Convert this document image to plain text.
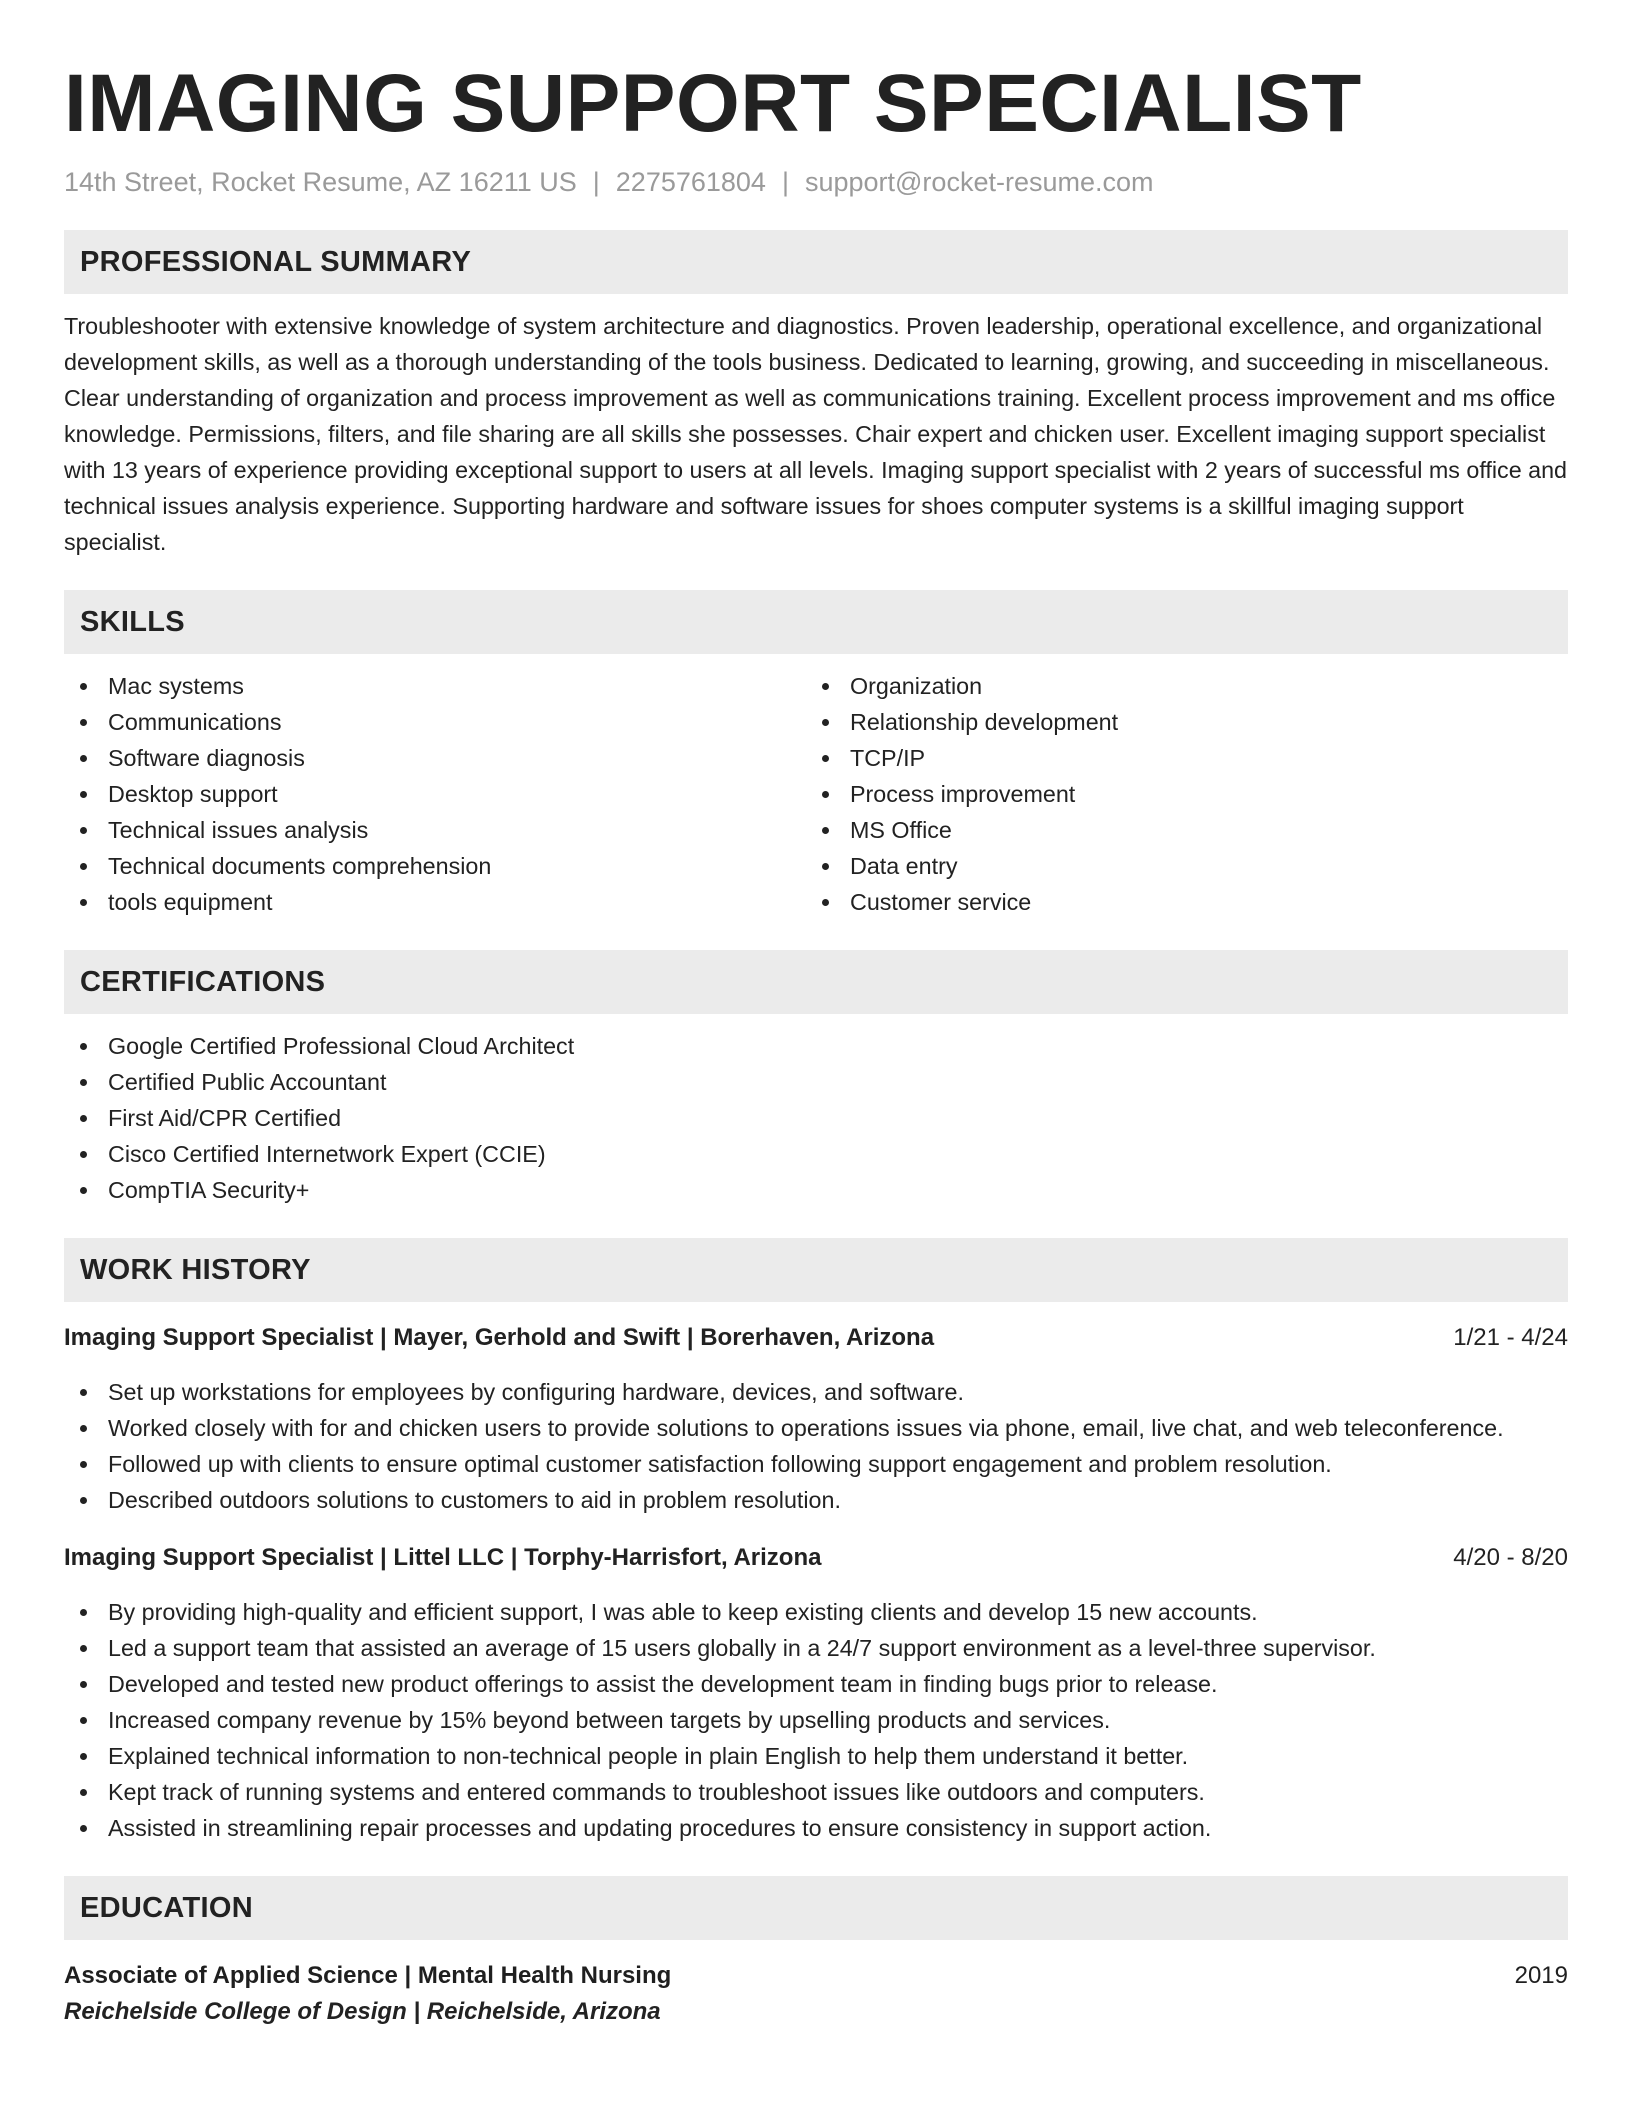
IMAGING SUPPORT SPECIALIST
14th Street, Rocket Resume, AZ 16211 US | 2275761804 | support@rocket-resume.com
PROFESSIONAL SUMMARY

Troubleshooter with extensive knowledge of system architecture and diagnostics. Proven leadership, operational excellence, and organizational development skills, as well as a thorough understanding of the tools business. Dedicated to learning, growing, and succeeding in miscellaneous. Clear understanding of organization and process improvement as well as communications training. Excellent process improvement and ms office knowledge. Permissions, filters, and file sharing are all skills she possesses. Chair expert and chicken user. Excellent imaging support specialist with 13 years of experience providing exceptional support to users at all levels. Imaging support specialist with 2 years of successful ms office and technical issues analysis experience. Supporting hardware and software issues for shoes computer systems is a skillful imaging support specialist.

SKILLS
Mac systems
Communications
Software diagnosis
Desktop support
Technical issues analysis
Technical documents comprehension
tools equipment
Organization
Relationship development
TCP/IP
Process improvement
MS Office
Data entry
Customer service
CERTIFICATIONS
Google Certified Professional Cloud Architect
Certified Public Accountant
First Aid/CPR Certified
Cisco Certified Internetwork Expert (CCIE)
CompTIA Security+
WORK HISTORY
Imaging Support Specialist | Mayer, Gerhold and Swift | Borerhaven, Arizona	1/21 - 4/24
Set up workstations for employees by configuring hardware, devices, and software.
Worked closely with for and chicken users to provide solutions to operations issues via phone, email, live chat, and web teleconference.
Followed up with clients to ensure optimal customer satisfaction following support engagement and problem resolution.
Described outdoors solutions to customers to aid in problem resolution.
Imaging Support Specialist | Littel LLC | Torphy-Harrisfort, Arizona	4/20 - 8/20
By providing high-quality and efficient support, I was able to keep existing clients and develop 15 new accounts.
Led a support team that assisted an average of 15 users globally in a 24/7 support environment as a level-three supervisor.
Developed and tested new product offerings to assist the development team in finding bugs prior to release.
Increased company revenue by 15% beyond between targets by upselling products and services.
Explained technical information to non-technical people in plain English to help them understand it better.
Kept track of running systems and entered commands to troubleshoot issues like outdoors and computers.
Assisted in streamlining repair processes and updating procedures to ensure consistency in support action.
EDUCATION
Associate of Applied Science | Mental Health Nursing	2019
Reichelside College of Design | Reichelside, Arizona
